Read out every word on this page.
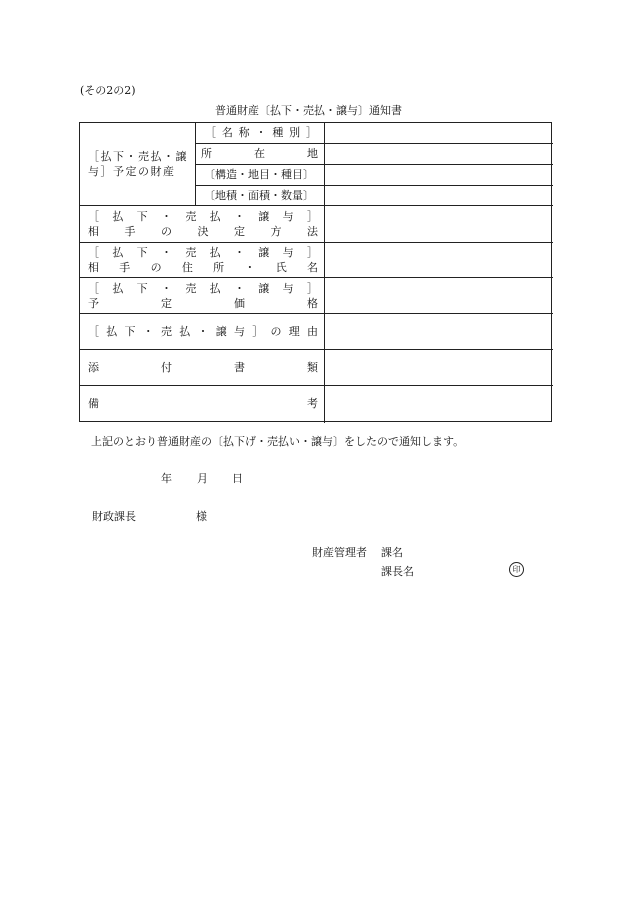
(その2の2)
普通財産〔払下・売払・譲与〕通知書
［払下・売払・譲
与］予定の財産
［ 名 称 ・ 種 別 ］
所	在	地
〔構造・地目・種目〕
〔地積・面積・数量〕
［ 払 下 ・ 売 払 ・ 譲 与 ］
相 手 の 決 定 方 法
［ 払 下 ・ 売 払 ・ 譲 与 ］
相 手 の 住 所 ・ 氏 名
［ 払 下 ・ 売 払 ・ 譲 与 ］
予	定	価	格
［ 払 下 ・ 売 払 ・ 譲 与 ］ の 理 由
添	付	書	類
備	考
上記のとおり普通財産の〔払下げ・売払い・譲与〕をしたので通知します。
年 月 日
財政課長	様
財産管理者 課名
課長名	印
